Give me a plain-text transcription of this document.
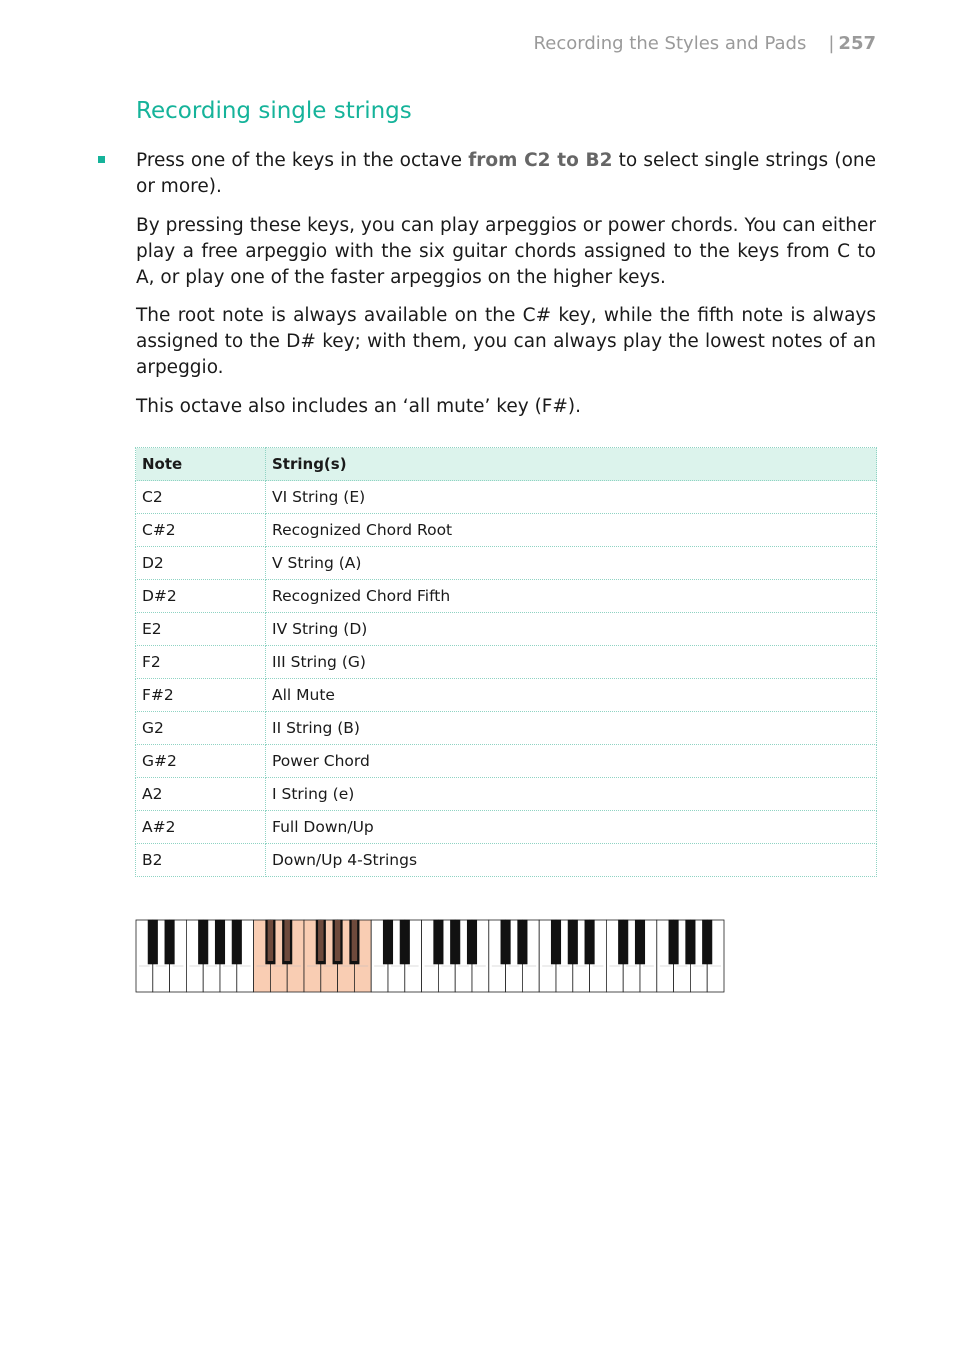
Recording the Styles and Pads | 257
Recording single strings

Press one of the keys in the octave from C2 to B2 to select single strings (one or more).

By pressing these keys, you can play arpeggios or power chords. You can either play a free arpeggio with the six guitar chords assigned to the keys from C to A, or play one of the faster arpeggios on the higher keys.

The root note is always available on the C# key, while the fifth note is always assigned to the D# key; with them, you can always play the lowest notes of an arpeggio.

This octave also includes an ‘all mute’ key (F#).

Note	String(s)
C2	VI String (E)
C#2	Recognized Chord Root
D2	V String (A)
D#2	Recognized Chord Fifth
E2	IV String (D)
F2	III String (G)
F#2	All Mute
G2	II String (B)
G#2	Power Chord
A2	I String (e)
A#2	Full Down/Up
B2	Down/Up 4-Strings
